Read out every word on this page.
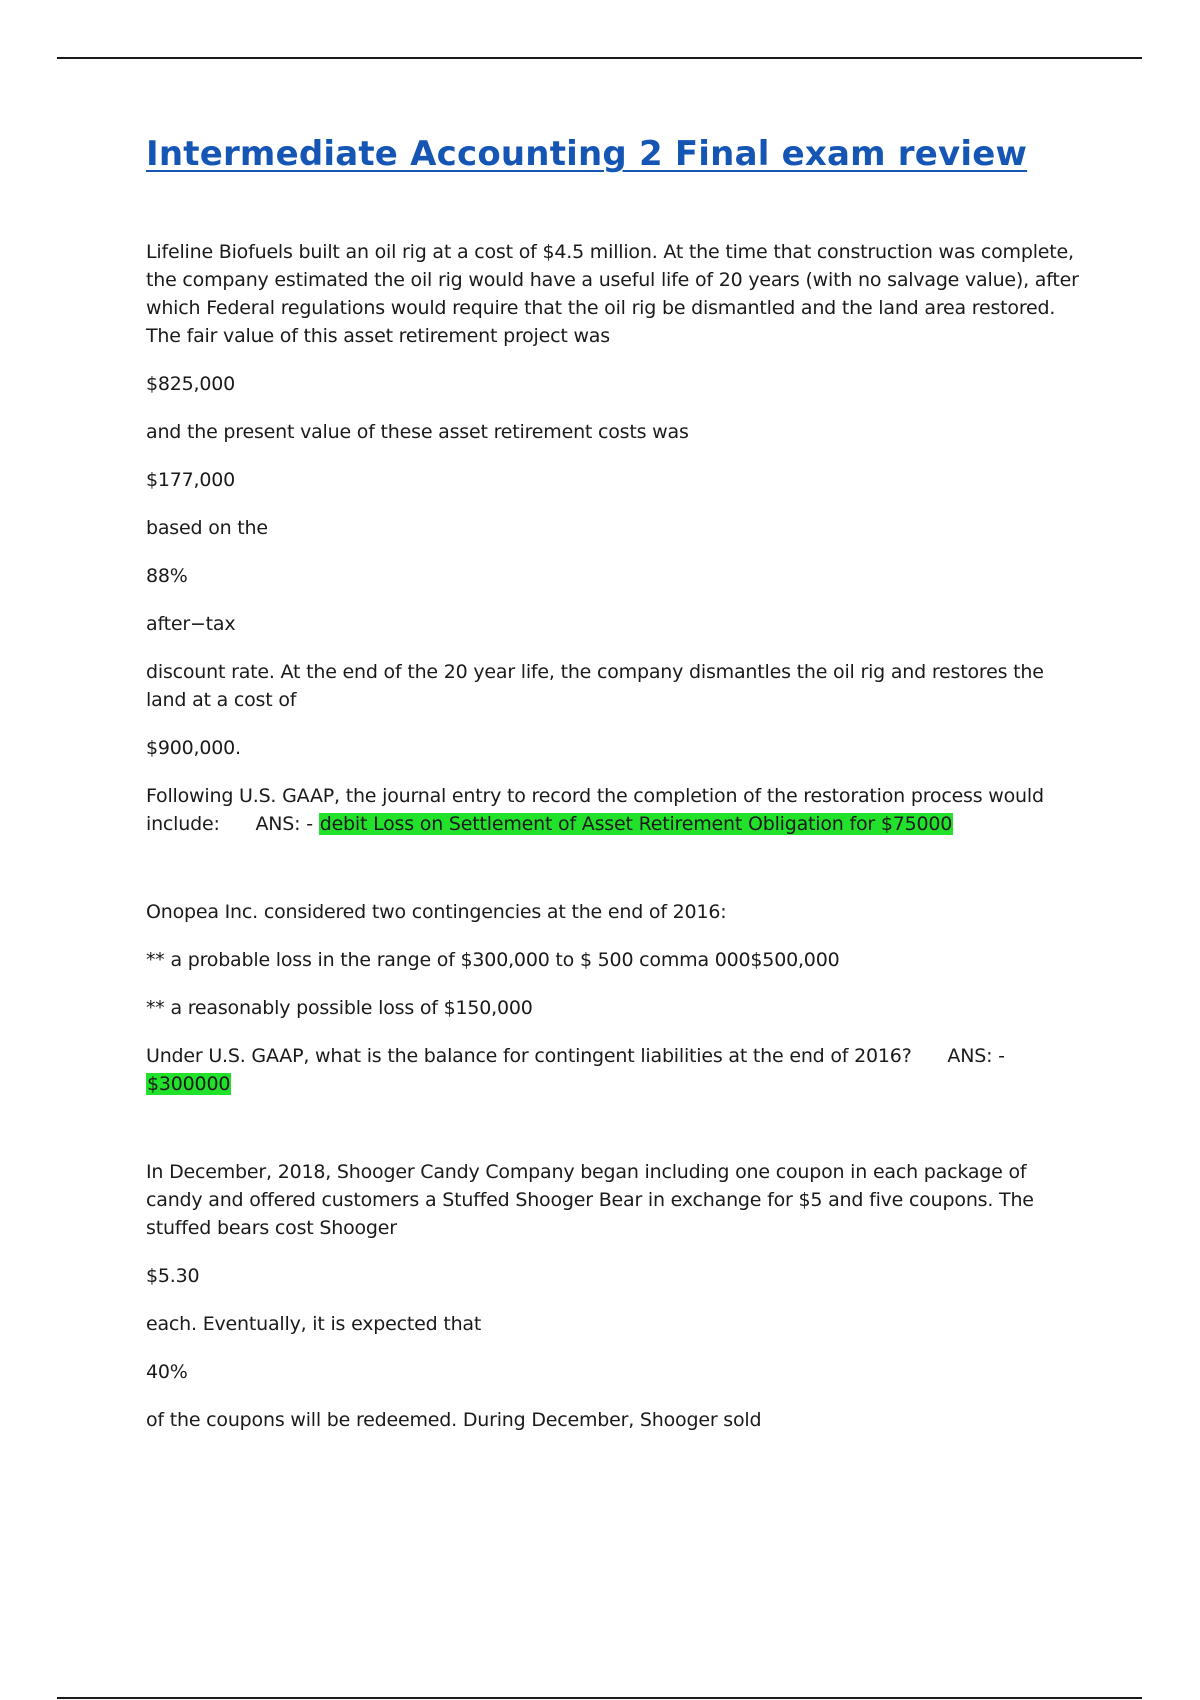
Intermediate Accounting 2 Final exam review

Lifeline Biofuels built an oil rig at a cost of $4.5 million. At the time that construction was complete, the company estimated the oil rig would have a useful life of 20 years (with no salvage value), after which Federal regulations would require that the oil rig be dismantled and the land area restored. The fair value of this asset retirement project was

$825,000

and the present value of these asset retirement costs was

$177,000

based on the

88%

after−tax

discount rate. At the end of the 20 year life, the company dismantles the oil rig and restores the land at a cost of

$900,000.

Following U.S. GAAP, the journal entry to record the completion of the restoration process would include: ANS: - debit Loss on Settlement of Asset Retirement Obligation for $75000

Onopea Inc. considered two contingencies at the end of 2016:

** a probable loss in the range of $300,000 to $ 500 comma 000$500,000

** a reasonably possible loss of $150,000

Under U.S. GAAP, what is the balance for contingent liabilities at the end of 2016? ANS: - $300000

In December, 2018, Shooger Candy Company began including one coupon in each package of candy and offered customers a Stuffed Shooger Bear in exchange for $5 and five coupons. The stuffed bears cost Shooger

$5.30

each. Eventually, it is expected that

40%

of the coupons will be redeemed. During December, Shooger sold
